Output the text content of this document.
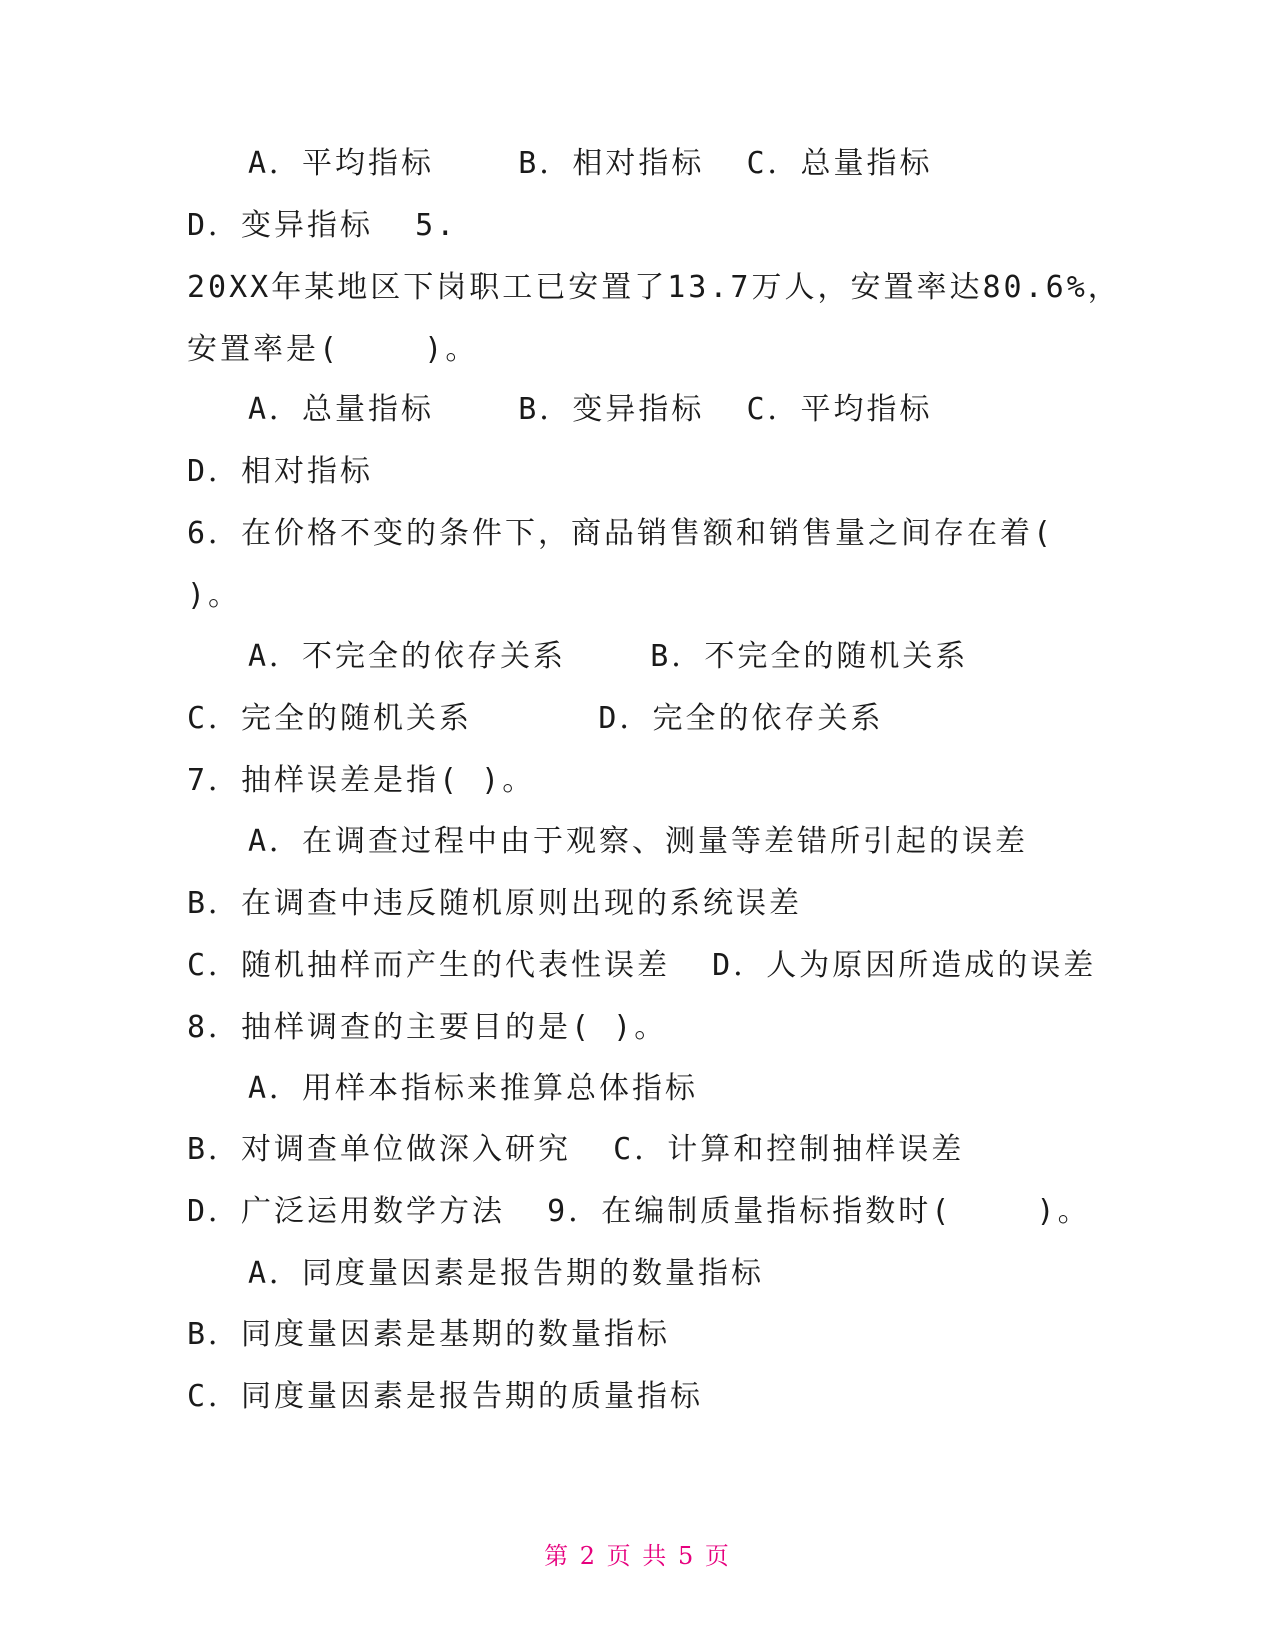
A．平均指标    B．相对指标  C．总量指标
D．变异指标  5.
20XX年某地区下岗职工已安置了13.7万人，安置率达80.6%，
安置率是(    )。
A．总量指标    B．变异指标  C．平均指标
D．相对指标
6．在价格不变的条件下，商品销售额和销售量之间存在着(
)。
A．不完全的依存关系    B．不完全的随机关系
C．完全的随机关系      D．完全的依存关系
7．抽样误差是指( )。
A．在调查过程中由于观察、测量等差错所引起的误差
B．在调查中违反随机原则出现的系统误差
C．随机抽样而产生的代表性误差  D．人为原因所造成的误差
8．抽样调查的主要目的是( )。
A．用样本指标来推算总体指标
B．对调查单位做深入研究  C．计算和控制抽样误差
D．广泛运用数学方法  9．在编制质量指标指数时(    )。
A．同度量因素是报告期的数量指标
B．同度量因素是基期的数量指标
C．同度量因素是报告期的质量指标
第 2 页 共 5 页
